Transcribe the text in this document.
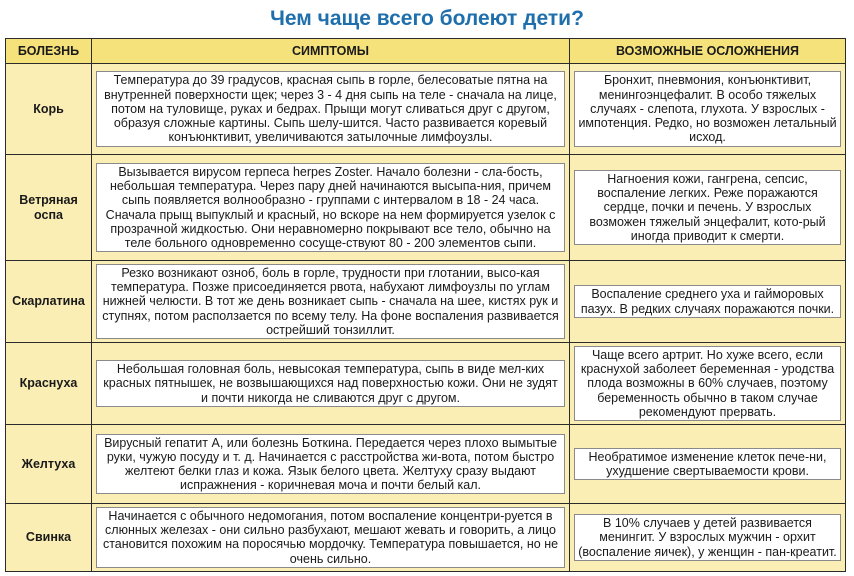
Чем чаще всего болеют дети?
БОЛЕЗНЬ	СИМПТОМЫ	ВОЗМОЖНЫЕ ОСЛОЖНЕНИЯ
Корь	Температура до 39 градусов, красная сыпь в горле, белесоватые пятна на внутренней поверхности щек; через 3 - 4 дня сыпь на теле - сначала на лице, потом на туловище, руках и бедрах. Прыщи могут сливаться друг с другом, образуя сложные картины. Сыпь шелу-шится. Часто развивается коревый конъюнктивит, увеличиваются затылочные лимфоузлы.	Бронхит, пневмония, конъюнктивит, менингоэнцефалит. В особо тяжелых случаях - слепота, глухота. У взрослых - импотенция. Редко, но возможен летальный исход.

Ветряная оспа	Вызывается вирусом герпеса herpes Zoster. Начало болезни - сла-бость, небольшая температура. Через пару дней начинаются высыпа-ния, причем сыпь появляется волнообразно - группами с интервалом в 18 - 24 часа. Сначала прыщ выпуклый и красный, но вскоре на нем формируется узелок с прозрачной жидкостью. Они неравномерно покрывают все тело, обычно на теле больного одновременно сосуще-ствуют 80 - 200 элементов сыпи.	Нагноения кожи, гангрена, сепсис, воспаление легких. Реже поражаются сердце, почки и печень. У взрослых возможен тяжелый энцефалит, кото-рый иногда приводит к смерти.

Скарлатина	Резко возникают озноб, боль в горле, трудности при глотании, высо-кая температура. Позже присоединяется рвота, набухают лимфоузлы по углам нижней челюсти. В тот же день возникает сыпь - сначала на шее, кистях рук и ступнях, потом расползается по всему телу. На фоне воспаления развивается острейший тонзиллит.	Воспаление среднего уха и гайморовых пазух. В редких случаях поражаются почки.

Краснуха	Небольшая головная боль, невысокая температура, сыпь в виде мел-ких красных пятнышек, не возвышающихся над поверхностью кожи. Они не зудят и почти никогда не сливаются друг с другом.	Чаще всего артрит. Но хуже всего, если краснухой заболеет беременная - уродства плода возможны в 60% случаев, поэтому беременность обычно в таком случае рекомендуют прервать.

Желтуха	Вирусный гепатит А, или болезнь Боткина. Передается через плохо вымытые руки, чужую посуду и т. д. Начинается с расстройства жи-вота, потом быстро желтеют белки глаз и кожа. Язык белого цвета. Желтуху сразу выдают испражнения - коричневая моча и почти белый кал.	Необратимое изменение клеток пече-ни, ухудшение свертываемости крови.

Свинка	Начинается с обычного недомогания, потом воспаление концентри-руется в слюнных железах - они сильно разбухают, мешают жевать и говорить, а лицо становится похожим на поросячью мордочку. Температура повышается, но не очень сильно.	В 10% случаев у детей развивается менингит. У взрослых мужчин - орхит (воспаление яичек), у женщин - пан-креатит.
